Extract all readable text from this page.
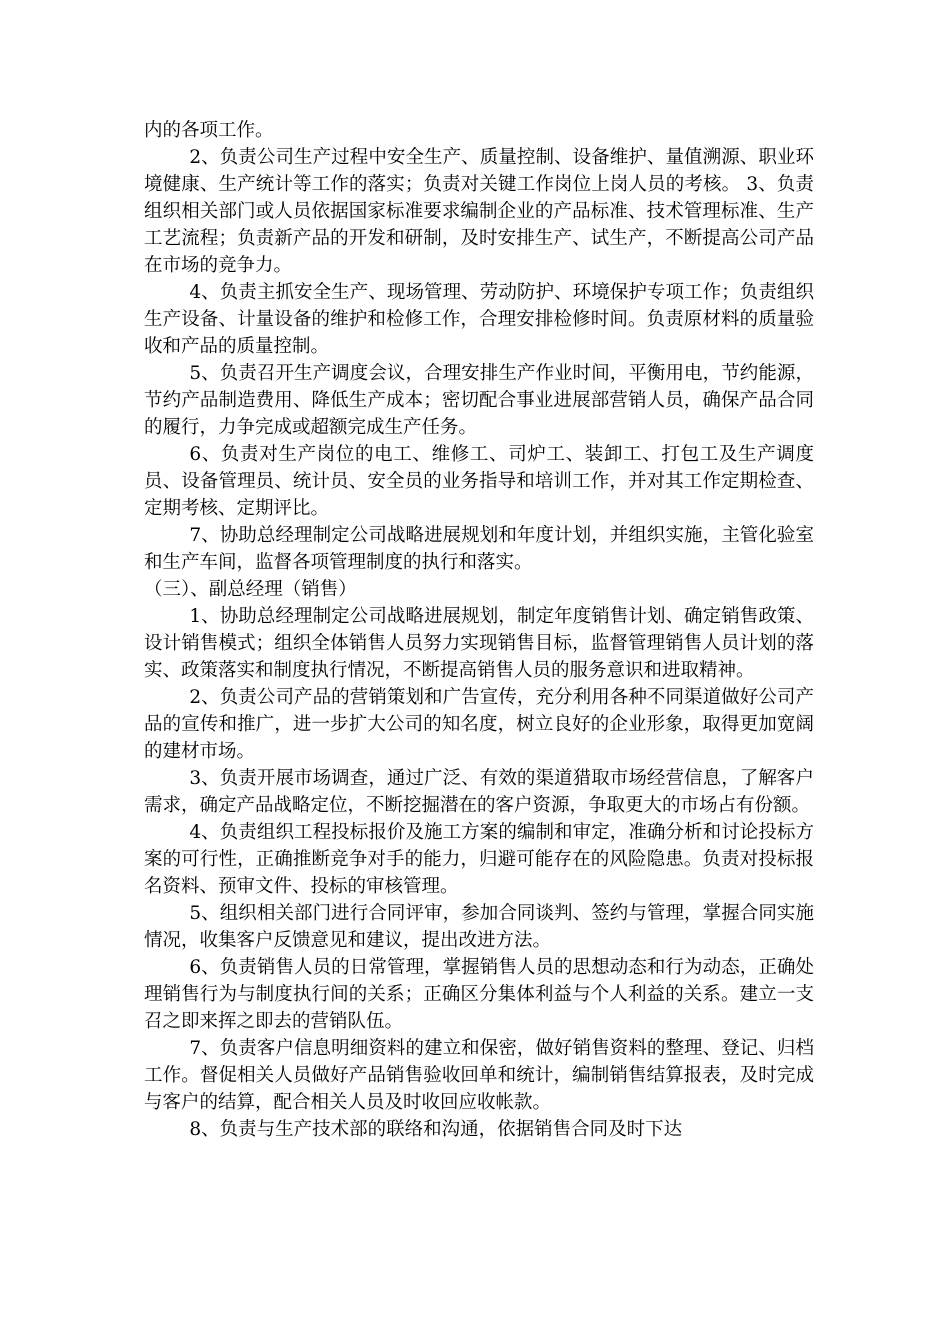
内的各项工作。

2、负责公司生产过程中安全生产、质量控制、设备维护、量值溯源、职业环境健康、生产统计等工作的落实；负责对关键工作岗位上岗人员的考核。 3、负责组织相关部门或人员依据国家标准要求编制企业的产品标准、技术管理标准、生产工艺流程；负责新产品的开发和研制，及时安排生产、试生产，不断提高公司产品在市场的竞争力。

4、负责主抓安全生产、现场管理、劳动防护、环境保护专项工作；负责组织生产设备、计量设备的维护和检修工作，合理安排检修时间。负责原材料的质量验收和产品的质量控制。

5、负责召开生产调度会议，合理安排生产作业时间，平衡用电，节约能源，节约产品制造费用、降低生产成本；密切配合事业进展部营销人员，确保产品合同的履行，力争完成或超额完成生产任务。

6、负责对生产岗位的电工、维修工、司炉工、装卸工、打包工及生产调度员、设备管理员、统计员、安全员的业务指导和培训工作，并对其工作定期检查、定期考核、定期评比。

7、协助总经理制定公司战略进展规划和年度计划，并组织实施，主管化验室和生产车间，监督各项管理制度的执行和落实。

（三）、副总经理（销售）

1、协助总经理制定公司战略进展规划，制定年度销售计划、确定销售政策、设计销售模式；组织全体销售人员努力实现销售目标，监督管理销售人员计划的落实、政策落实和制度执行情况，不断提高销售人员的服务意识和进取精神。

2、负责公司产品的营销策划和广告宣传，充分利用各种不同渠道做好公司产品的宣传和推广，进一步扩大公司的知名度，树立良好的企业形象，取得更加宽阔的建材市场。

3、负责开展市场调查，通过广泛、有效的渠道猎取市场经营信息，了解客户需求，确定产品战略定位，不断挖掘潜在的客户资源，争取更大的市场占有份额。

4、负责组织工程投标报价及施工方案的编制和审定，准确分析和讨论投标方案的可行性，正确推断竞争对手的能力，归避可能存在的风险隐患。负责对投标报名资料、预审文件、投标的审核管理。

5、组织相关部门进行合同评审，参加合同谈判、签约与管理，掌握合同实施情况，收集客户反馈意见和建议，提出改进方法。

6、负责销售人员的日常管理，掌握销售人员的思想动态和行为动态，正确处理销售行为与制度执行间的关系；正确区分集体利益与个人利益的关系。建立一支召之即来挥之即去的营销队伍。

7、负责客户信息明细资料的建立和保密，做好销售资料的整理、登记、归档工作。督促相关人员做好产品销售验收回单和统计，编制销售结算报表，及时完成与客户的结算，配合相关人员及时收回应收帐款。

8、负责与生产技术部的联络和沟通，依据销售合同及时下达
